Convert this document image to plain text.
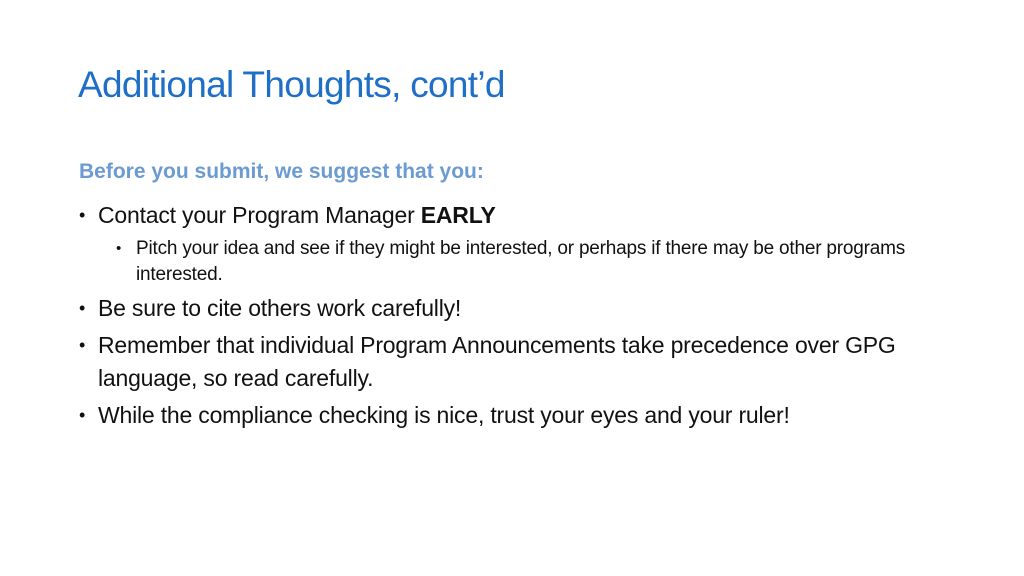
Additional Thoughts, cont’d
Before you submit, we suggest that you:
• Contact your Program Manager EARLY
• Pitch your idea and see if they might be interested, or perhaps if there may be other programs interested.
• Be sure to cite others work carefully!
• Remember that individual Program Announcements take precedence over GPG language, so read carefully.
• While the compliance checking is nice, trust your eyes and your ruler!
